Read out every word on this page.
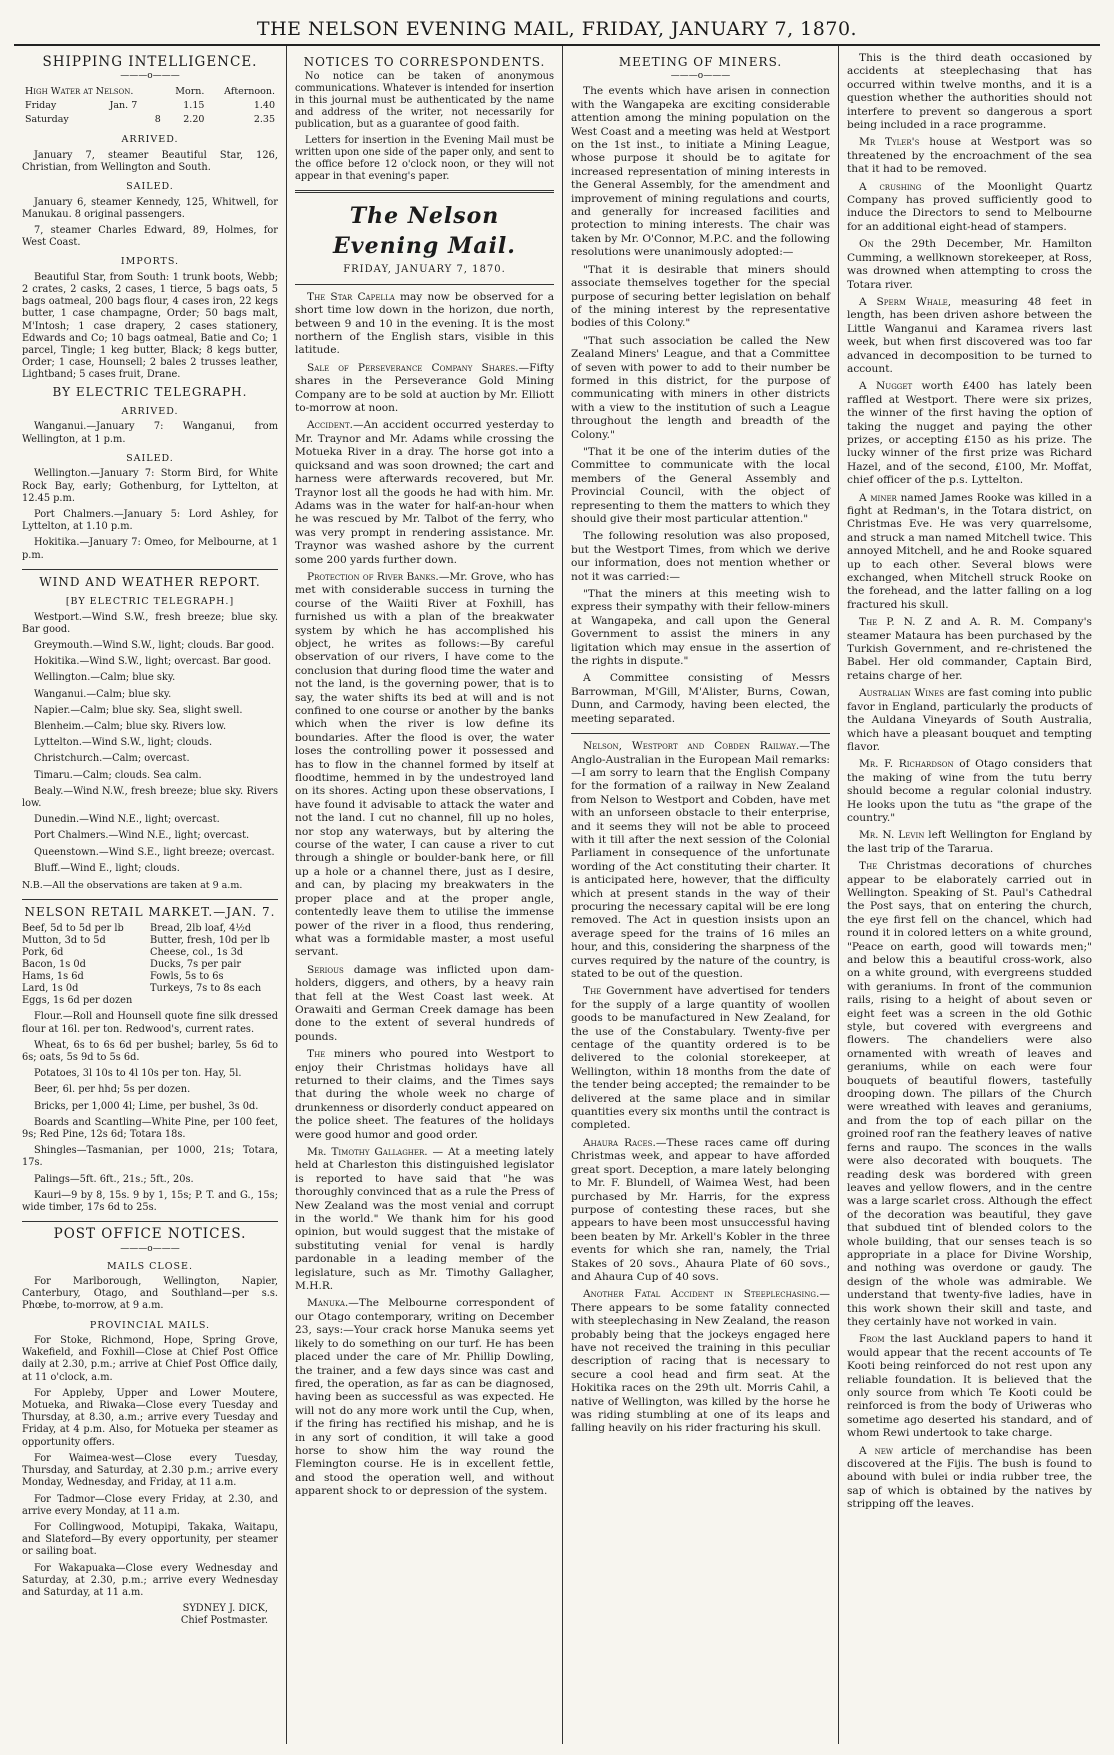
THE NELSON EVENING MAIL, FRIDAY, JANUARY 7, 1870.
SHIPPING INTELLIGENCE.
———o———
High Water at Nelson.		Morn.	Afternoon.
Friday	Jan. 7	1.15	1.40
Saturday	8	2.20	2.35
ARRIVED.

January 7, steamer Beautiful Star, 126, Christian, from Wellington and South.

SAILED.

January 6, steamer Kennedy, 125, Whitwell, for Manukau. 8 original passengers.

7, steamer Charles Edward, 89, Holmes, for West Coast.

IMPORTS.

Beautiful Star, from South: 1 trunk boots, Webb; 2 crates, 2 casks, 2 cases, 1 tierce, 5 bags oats, 5 bags oatmeal, 200 bags flour, 4 cases iron, 22 kegs butter, 1 case champagne, Order; 50 bags malt, M'Intosh; 1 case drapery, 2 cases stationery, Edwards and Co; 10 bags oatmeal, Batie and Co; 1 parcel, Tingle; 1 keg butter, Black; 8 kegs butter, Order; 1 case, Hounsell; 2 bales 2 trusses leather, Lightband; 5 cases fruit, Drane.

BY ELECTRIC TELEGRAPH.
ARRIVED.

Wanganui.—January 7: Wanganui, from Wellington, at 1 p.m.

SAILED.

Wellington.—January 7: Storm Bird, for White Rock Bay, early; Gothenburg, for Lyttelton, at 12.45 p.m.

Port Chalmers.—January 5: Lord Ashley, for Lyttelton, at 1.10 p.m.

Hokitika.—January 7: Omeo, for Melbourne, at 1 p.m.

WIND AND WEATHER REPORT.
[BY ELECTRIC TELEGRAPH.]

Westport.—Wind S.W., fresh breeze; blue sky. Bar good.

Greymouth.—Wind S.W., light; clouds. Bar good.

Hokitika.—Wind S.W., light; overcast. Bar good.

Wellington.—Calm; blue sky.

Wanganui.—Calm; blue sky.

Napier.—Calm; blue sky. Sea, slight swell.

Blenheim.—Calm; blue sky. Rivers low.

Lyttelton.—Wind S.W., light; clouds.

Christchurch.—Calm; overcast.

Timaru.—Calm; clouds. Sea calm.

Bealy.—Wind N.W., fresh breeze; blue sky. Rivers low.

Dunedin.—Wind N.E., light; overcast.

Port Chalmers.—Wind N.E., light; overcast.

Queenstown.—Wind S.E., light breeze; overcast.

Bluff.—Wind E., light; clouds.

N.B.—All the observations are taken at 9 a.m.

NELSON RETAIL MARKET.—JAN. 7.
Beef, 5d to 5d per lb
Mutton, 3d to 5d
Pork, 6d
Bacon, 1s 0d
Hams, 1s 6d
Lard, 1s 0d
Eggs, 1s 6d per dozen
Bread, 2lb loaf, 4½d
Butter, fresh, 10d per lb
Cheese, col., 1s 3d
Ducks, 7s per pair
Fowls, 5s to 6s
Turkeys, 7s to 8s each

Flour.—Roll and Hounsell quote fine silk dressed flour at 16l. per ton. Redwood's, current rates.

Wheat, 6s to 6s 6d per bushel; barley, 5s 6d to 6s; oats, 5s 9d to 5s 6d.

Potatoes, 3l 10s to 4l 10s per ton. Hay, 5l.

Beer, 6l. per hhd; 5s per dozen.

Bricks, per 1,000 4l; Lime, per bushel, 3s 0d.

Boards and Scantling—White Pine, per 100 feet, 9s; Red Pine, 12s 6d; Totara 18s.

Shingles—Tasmanian, per 1000, 21s; Totara, 17s.

Palings—5ft. 6ft., 21s.; 5ft., 20s.

Kauri—9 by 8, 15s. 9 by 1, 15s; P. T. and G., 15s; wide timber, 17s 6d to 25s.

POST OFFICE NOTICES.
———o———
MAILS CLOSE.

For Marlborough, Wellington, Napier, Canterbury, Otago, and Southland—per s.s. Phœbe, to-morrow, at 9 a.m.

PROVINCIAL MAILS.

For Stoke, Richmond, Hope, Spring Grove, Wakefield, and Foxhill—Close at Chief Post Office daily at 2.30, p.m.; arrive at Chief Post Office daily, at 11 o'clock, a.m.

For Appleby, Upper and Lower Moutere, Motueka, and Riwaka—Close every Tuesday and Thursday, at 8.30, a.m.; arrive every Tuesday and Friday, at 4 p.m. Also, for Motueka per steamer as opportunity offers.

For Waimea-west—Close every Tuesday, Thursday, and Saturday, at 2.30 p.m.; arrive every Monday, Wednesday, and Friday, at 11 a.m.

For Tadmor—Close every Friday, at 2.30, and arrive every Monday, at 11 a.m.

For Collingwood, Motupipi, Takaka, Waitapu, and Slateford—By every opportunity, per steamer or sailing boat.

For Wakapuaka—Close every Wednesday and Saturday, at 2.30, p.m.; arrive every Wednesday and Saturday, at 11 a.m.

SYDNEY J. DICK,
Chief Postmaster.
NOTICES TO CORRESPONDENTS.

No notice can be taken of anonymous communications. Whatever is intended for insertion in this journal must be authenticated by the name and address of the writer, not necessarily for publication, but as a guarantee of good faith.

Letters for insertion in the Evening Mail must be written upon one side of the paper only, and sent to the office before 12 o'clock noon, or they will not appear in that evening's paper.

The Nelson Evening Mail.
FRIDAY, JANUARY 7, 1870.

The Star Capella may now be observed for a short time low down in the horizon, due north, between 9 and 10 in the evening. It is the most northern of the English stars, visible in this latitude.

Sale of Perseverance Company Shares.—Fifty shares in the Perseverance Gold Mining Company are to be sold at auction by Mr. Elliott to-morrow at noon.

Accident.—An accident occurred yesterday to Mr. Traynor and Mr. Adams while crossing the Motueka River in a dray. The horse got into a quicksand and was soon drowned; the cart and harness were afterwards recovered, but Mr. Traynor lost all the goods he had with him. Mr. Adams was in the water for half-an-hour when he was rescued by Mr. Talbot of the ferry, who was very prompt in rendering assistance. Mr. Traynor was washed ashore by the current some 200 yards further down.

Protection of River Banks.—Mr. Grove, who has met with considerable success in turning the course of the Waiiti River at Foxhill, has furnished us with a plan of the breakwater system by which he has accomplished his object, he writes as follows:—By careful observation of our rivers, I have come to the conclusion that during flood time the water and not the land, is the governing power, that is to say, the water shifts its bed at will and is not confined to one course or another by the banks which when the river is low define its boundaries. After the flood is over, the water loses the controlling power it possessed and has to flow in the channel formed by itself at floodtime, hemmed in by the undestroyed land on its shores. Acting upon these observations, I have found it advisable to attack the water and not the land. I cut no channel, fill up no holes, nor stop any waterways, but by altering the course of the water, I can cause a river to cut through a shingle or boulder-bank here, or fill up a hole or a channel there, just as I desire, and can, by placing my breakwaters in the proper place and at the proper angle, contentedly leave them to utilise the immense power of the river in a flood, thus rendering, what was a formidable master, a most useful servant.

Serious damage was inflicted upon dam-holders, diggers, and others, by a heavy rain that fell at the West Coast last week. At Orawaiti and German Creek damage has been done to the extent of several hundreds of pounds.

The miners who poured into Westport to enjoy their Christmas holidays have all returned to their claims, and the Times says that during the whole week no charge of drunkenness or disorderly conduct appeared on the police sheet. The features of the holidays were good humor and good order.

Mr. Timothy Gallagher. — At a meeting lately held at Charleston this distinguished legislator is reported to have said that "he was thoroughly convinced that as a rule the Press of New Zealand was the most venial and corrupt in the world." We thank him for his good opinion, but would suggest that the mistake of substituting venial for venal is hardly pardonable in a leading member of the legislature, such as Mr. Timothy Gallagher, M.H.R.

Manuka.—The Melbourne correspondent of our Otago contemporary, writing on December 23, says:—Your crack horse Manuka seems yet likely to do something on our turf. He has been placed under the care of Mr. Phillip Dowling, the trainer, and a few days since was cast and fired, the operation, as far as can be diagnosed, having been as successful as was expected. He will not do any more work until the Cup, when, if the firing has rectified his mishap, and he is in any sort of condition, it will take a good horse to show him the way round the Flemington course. He is in excellent fettle, and stood the operation well, and without apparent shock to or depression of the system.

MEETING OF MINERS.
———o———

The events which have arisen in connection with the Wangapeka are exciting considerable attention among the mining population on the West Coast and a meeting was held at Westport on the 1st inst., to initiate a Mining League, whose purpose it should be to agitate for increased representation of mining interests in the General Assembly, for the amendment and improvement of mining regulations and courts, and generally for increased facilities and protection to mining interests. The chair was taken by Mr. O'Connor, M.P.C. and the following resolutions were unanimously adopted:—

"That it is desirable that miners should associate themselves together for the special purpose of securing better legislation on behalf of the mining interest by the representative bodies of this Colony."

"That such association be called the New Zealand Miners' League, and that a Committee of seven with power to add to their number be formed in this district, for the purpose of communicating with miners in other districts with a view to the institution of such a League throughout the length and breadth of the Colony."

"That it be one of the interim duties of the Committee to communicate with the local members of the General Assembly and Provincial Council, with the object of representing to them the matters to which they should give their most particular attention."

The following resolution was also proposed, but the Westport Times, from which we derive our information, does not mention whether or not it was carried:—

"That the miners at this meeting wish to express their sympathy with their fellow-miners at Wangapeka, and call upon the General Government to assist the miners in any ligitation which may ensue in the assertion of the rights in dispute."

A Committee consisting of Messrs Barrowman, M'Gill, M'Alister, Burns, Cowan, Dunn, and Carmody, having been elected, the meeting separated.

Nelson, Westport and Cobden Railway.—The Anglo-Australian in the European Mail remarks:—I am sorry to learn that the English Company for the formation of a railway in New Zealand from Nelson to Westport and Cobden, have met with an unforseen obstacle to their enterprise, and it seems they will not be able to proceed with it till after the next session of the Colonial Parliament in consequence of the unfortunate wording of the Act constituting their charter. It is anticipated here, however, that the difficulty which at present stands in the way of their procuring the necessary capital will be ere long removed. The Act in question insists upon an average speed for the trains of 16 miles an hour, and this, considering the sharpness of the curves required by the nature of the country, is stated to be out of the question.

The Government have advertised for tenders for the supply of a large quantity of woollen goods to be manufactured in New Zealand, for the use of the Constabulary. Twenty-five per centage of the quantity ordered is to be delivered to the colonial storekeeper, at Wellington, within 18 months from the date of the tender being accepted; the remainder to be delivered at the same place and in similar quantities every six months until the contract is completed.

Ahaura Races.—These races came off during Christmas week, and appear to have afforded great sport. Deception, a mare lately belonging to Mr. F. Blundell, of Waimea West, had been purchased by Mr. Harris, for the express purpose of contesting these races, but she appears to have been most unsuccessful having been beaten by Mr. Arkell's Kobler in the three events for which she ran, namely, the Trial Stakes of 20 sovs., Ahaura Plate of 60 sovs., and Ahaura Cup of 40 sovs.

Another Fatal Accident in Steeplechasing.—There appears to be some fatality connected with steeplechasing in New Zealand, the reason probably being that the jockeys engaged here have not received the training in this peculiar description of racing that is necessary to secure a cool head and firm seat. At the Hokitika races on the 29th ult. Morris Cahil, a native of Wellington, was killed by the horse he was riding stumbling at one of its leaps and falling heavily on his rider fracturing his skull.

This is the third death occasioned by accidents at steeplechasing that has occurred within twelve months, and it is a question whether the authorities should not interfere to prevent so dangerous a sport being included in a race programme.

Mr Tyler's house at Westport was so threatened by the encroachment of the sea that it had to be removed.

A crushing of the Moonlight Quartz Company has proved sufficiently good to induce the Directors to send to Melbourne for an additional eight-head of stampers.

On the 29th December, Mr. Hamilton Cumming, a wellknown storekeeper, at Ross, was drowned when attempting to cross the Totara river.

A Sperm Whale, measuring 48 feet in length, has been driven ashore between the Little Wanganui and Karamea rivers last week, but when first discovered was too far advanced in decomposition to be turned to account.

A Nugget worth £400 has lately been raffled at Westport. There were six prizes, the winner of the first having the option of taking the nugget and paying the other prizes, or accepting £150 as his prize. The lucky winner of the first prize was Richard Hazel, and of the second, £100, Mr. Moffat, chief officer of the p.s. Lyttelton.

A miner named James Rooke was killed in a fight at Redman's, in the Totara district, on Christmas Eve. He was very quarrelsome, and struck a man named Mitchell twice. This annoyed Mitchell, and he and Rooke squared up to each other. Several blows were exchanged, when Mitchell struck Rooke on the forehead, and the latter falling on a log fractured his skull.

The P. N. Z and A. R. M. Company's steamer Mataura has been purchased by the Turkish Government, and re-christened the Babel. Her old commander, Captain Bird, retains charge of her.

Australian Wines are fast coming into public favor in England, particularly the products of the Auldana Vineyards of South Australia, which have a pleasant bouquet and tempting flavor.

Mr. F. Richardson of Otago considers that the making of wine from the tutu berry should become a regular colonial industry. He looks upon the tutu as "the grape of the country."

Mr. N. Levin left Wellington for England by the last trip of the Tararua.

The Christmas decorations of churches appear to be elaborately carried out in Wellington. Speaking of St. Paul's Cathedral the Post says, that on entering the church, the eye first fell on the chancel, which had round it in colored letters on a white ground, "Peace on earth, good will towards men;" and below this a beautiful cross-work, also on a white ground, with evergreens studded with geraniums. In front of the communion rails, rising to a height of about seven or eight feet was a screen in the old Gothic style, but covered with evergreens and flowers. The chandeliers were also ornamented with wreath of leaves and geraniums, while on each were four bouquets of beautiful flowers, tastefully drooping down. The pillars of the Church were wreathed with leaves and geraniums, and from the top of each pillar on the groined roof ran the feathery leaves of native ferns and raupo. The sconces in the walls were also decorated with bouquets. The reading desk was bordered with green leaves and yellow flowers, and in the centre was a large scarlet cross. Although the effect of the decoration was beautiful, they gave that subdued tint of blended colors to the whole building, that our senses teach is so appropriate in a place for Divine Worship, and nothing was overdone or gaudy. The design of the whole was admirable. We understand that twenty-five ladies, have in this work shown their skill and taste, and they certainly have not worked in vain.

From the last Auckland papers to hand it would appear that the recent accounts of Te Kooti being reinforced do not rest upon any reliable foundation. It is believed that the only source from which Te Kooti could be reinforced is from the body of Uriweras who sometime ago deserted his standard, and of whom Rewi undertook to take charge.

A new article of merchandise has been discovered at the Fijis. The bush is found to abound with bulei or india rubber tree, the sap of which is obtained by the natives by stripping off the leaves.
